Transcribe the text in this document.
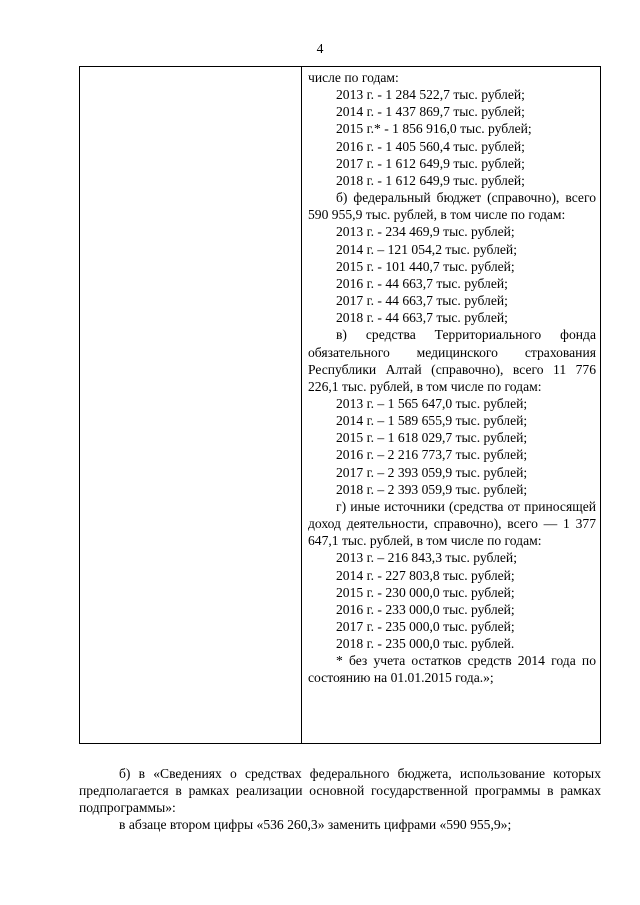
4

числе по годам:

2013 г. - 1 284 522,7 тыс. рублей;

2014 г. - 1 437 869,7 тыс. рублей;

2015 г.* - 1 856 916,0 тыс. рублей;

2016 г. - 1 405 560,4 тыс. рублей;

2017 г. - 1 612 649,9 тыс. рублей;

2018 г. - 1 612 649,9 тыс. рублей;

б) федеральный бюджет (справочно), всего 590 955,9 тыс. рублей, в том числе по годам:

2013 г. - 234 469,9 тыс. рублей;

2014 г. – 121 054,2 тыс. рублей;

2015 г. - 101 440,7 тыс. рублей;

2016 г. - 44 663,7 тыс. рублей;

2017 г. - 44 663,7 тыс. рублей;

2018 г. - 44 663,7 тыс. рублей;

в) средства Территориального фонда обязательного медицинского страхования Республики Алтай (справочно), всего 11 776 226,1 тыс. рублей, в том числе по годам:

2013 г. – 1 565 647,0 тыс. рублей;

2014 г. – 1 589 655,9 тыс. рублей;

2015 г. – 1 618 029,7 тыс. рублей;

2016 г. – 2 216 773,7 тыс. рублей;

2017 г. – 2 393 059,9 тыс. рублей;

2018 г. – 2 393 059,9 тыс. рублей;

г) иные источники (средства от приносящей доход деятельности, справочно), всего — 1 377 647,1 тыс. рублей, в том числе по годам:

2013 г. – 216 843,3 тыс. рублей;

2014 г. - 227 803,8 тыс. рублей;

2015 г. - 230 000,0 тыс. рублей;

2016 г. - 233 000,0 тыс. рублей;

2017 г. - 235 000,0 тыс. рублей;

2018 г. - 235 000,0 тыс. рублей.

* без учета остатков средств 2014 года по состоянию на 01.01.2015 года.»;

б) в «Сведениях о средствах федерального бюджета, использование которых предполагается в рамках реализации основной государственной программы в рамках подпрограммы»:

в абзаце втором цифры «536 260,3» заменить цифрами «590 955,9»;
